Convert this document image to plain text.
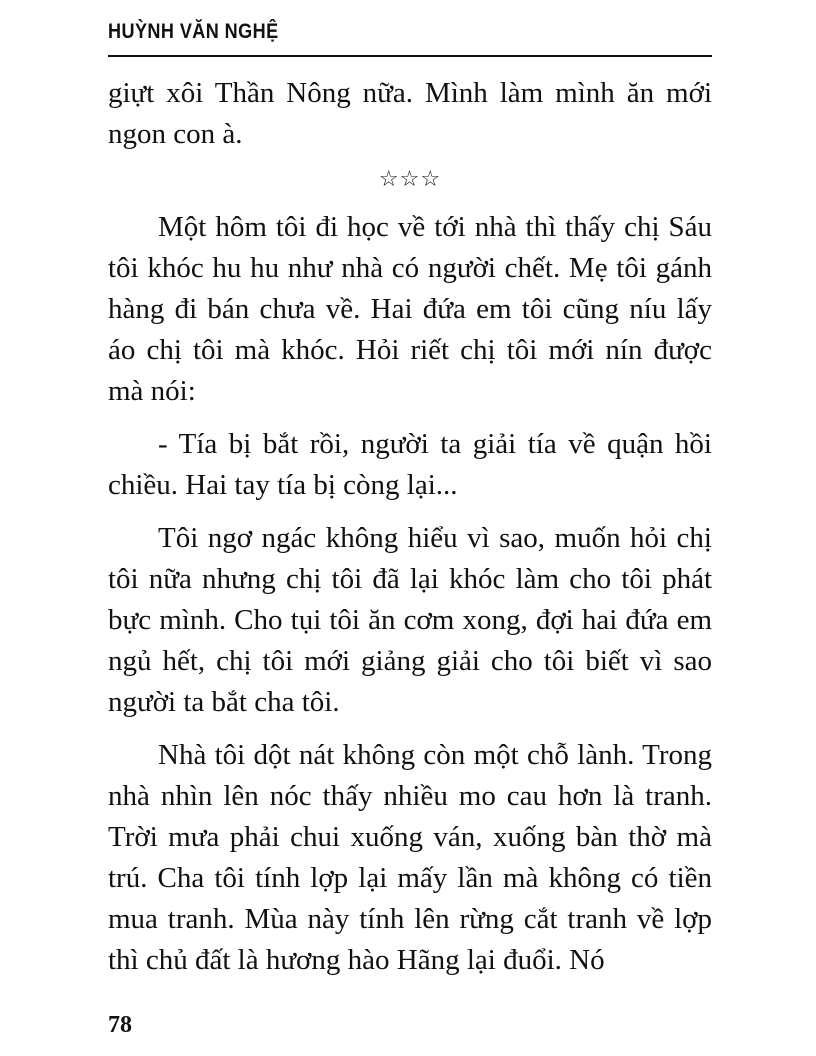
HUỲNH VĂN NGHỆ

giựt xôi Thần Nông nữa. Mình làm mình ăn mới ngon con à.

☆☆☆

Một hôm tôi đi học về tới nhà thì thấy chị Sáu tôi khóc hu hu như nhà có người chết. Mẹ tôi gánh hàng đi bán chưa về. Hai đứa em tôi cũng níu lấy áo chị tôi mà khóc. Hỏi riết chị tôi mới nín được mà nói:

- Tía bị bắt rồi, người ta giải tía về quận hồi chiều. Hai tay tía bị còng lại...

Tôi ngơ ngác không hiểu vì sao, muốn hỏi chị tôi nữa nhưng chị tôi đã lại khóc làm cho tôi phát bực mình. Cho tụi tôi ăn cơm xong, đợi hai đứa em ngủ hết, chị tôi mới giảng giải cho tôi biết vì sao người ta bắt cha tôi.

Nhà tôi dột nát không còn một chỗ lành. Trong nhà nhìn lên nóc thấy nhiều mo cau hơn là tranh. Trời mưa phải chui xuống ván, xuống bàn thờ mà trú. Cha tôi tính lợp lại mấy lần mà không có tiền mua tranh. Mùa này tính lên rừng cắt tranh về lợp thì chủ đất là hương hào Hãng lại đuổi. Nó

78
